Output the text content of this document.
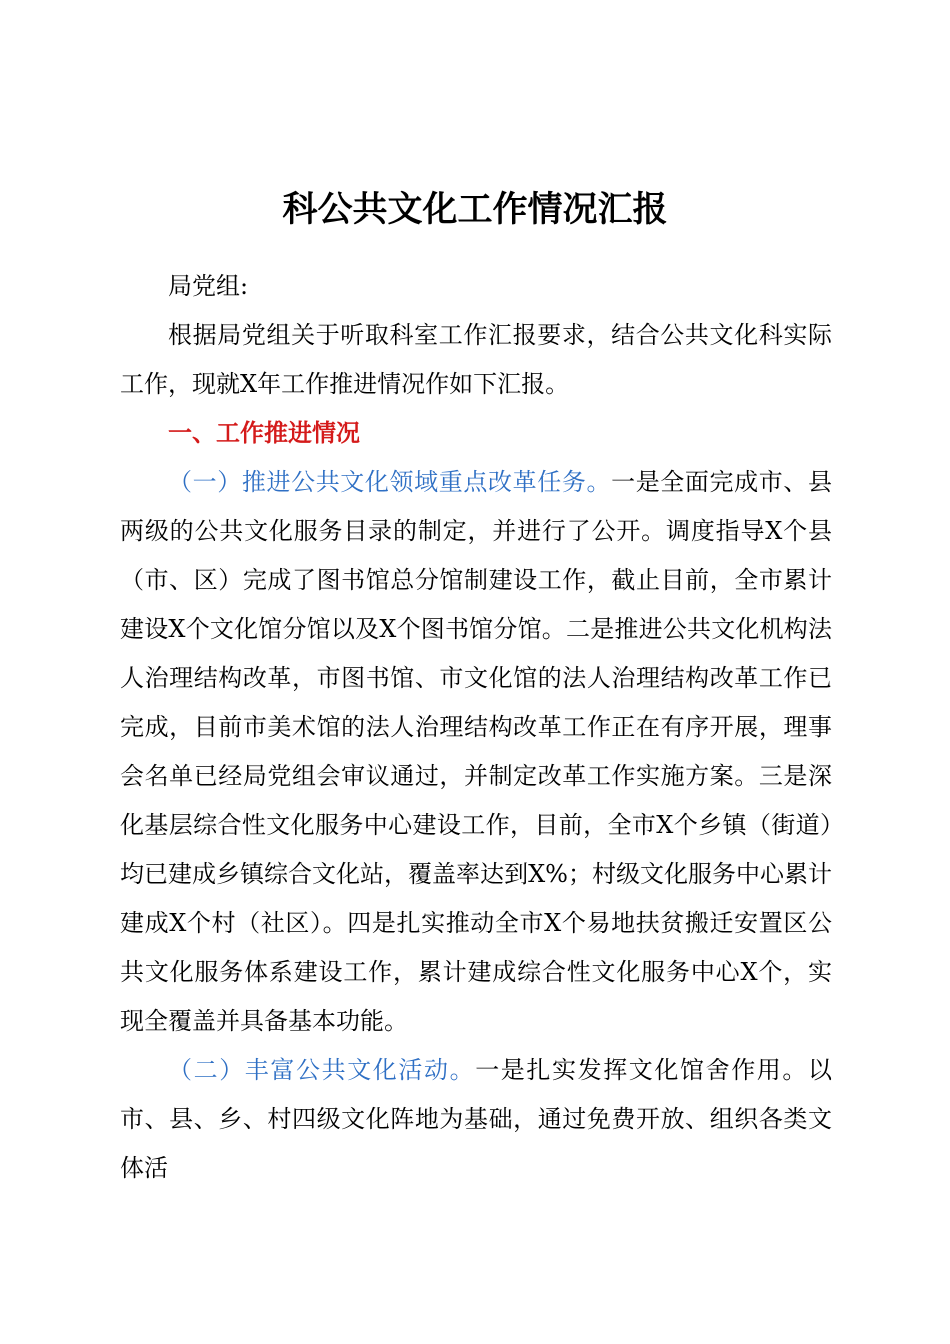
科公共文化工作情况汇报

局党组:

根据局党组关于听取科室工作汇报要求，结合公共文化科实际工作，现就X年工作推进情况作如下汇报。

一、工作推进情况

（一）推进公共文化领域重点改革任务。一是全面完成市、县两级的公共文化服务目录的制定，并进行了公开。调度指导X个县（市、区）完成了图书馆总分馆制建设工作，截止目前，全市累计建设X个文化馆分馆以及X个图书馆分馆。二是推进公共文化机构法人治理结构改革，市图书馆、市文化馆的法人治理结构改革工作已完成，目前市美术馆的法人治理结构改革工作正在有序开展，理事会名单已经局党组会审议通过，并制定改革工作实施方案。三是深化基层综合性文化服务中心建设工作，目前，全市X个乡镇（街道）均已建成乡镇综合文化站，覆盖率达到X%；村级文化服务中心累计建成X个村（社区）。四是扎实推动全市X个易地扶贫搬迁安置区公共文化服务体系建设工作，累计建成综合性文化服务中心X个，实现全覆盖并具备基本功能。

（二）丰富公共文化活动。一是扎实发挥文化馆舍作用。以市、县、乡、村四级文化阵地为基础，通过免费开放、组织各类文体活
